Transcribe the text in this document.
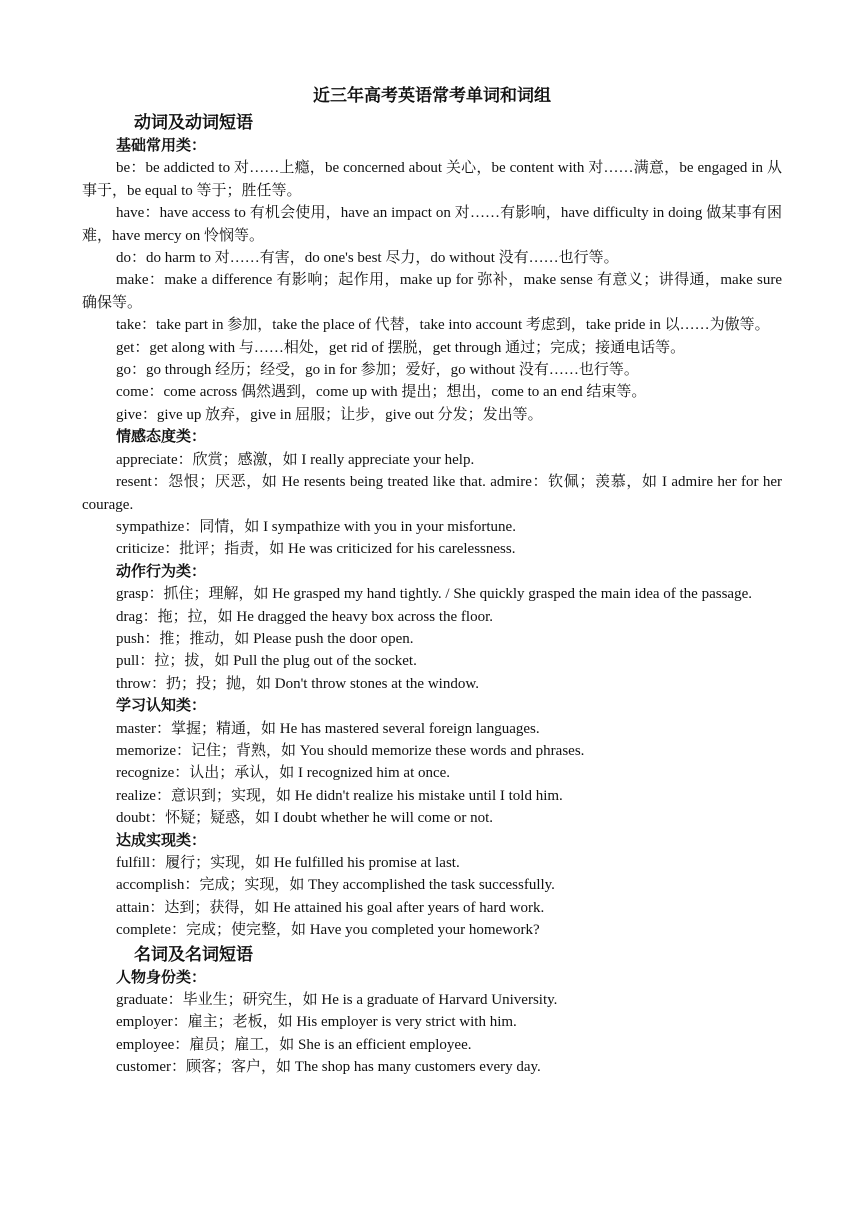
近三年高考英语常考单词和词组
动词及动词短语
基础常用类：
be：be addicted to 对……上瘾，be concerned about 关心，be content with 对……满意，be engaged in 从事于，be equal to 等于；胜任等。
have：have access to 有机会使用，have an impact on 对……有影响，have difficulty in doing 做某事有困难，have mercy on 怜悯等。
do：do harm to 对……有害，do one's best 尽力，do without 没有……也行等。
make：make a difference 有影响；起作用，make up for 弥补，make sense 有意义；讲得通，make sure 确保等。
take：take part in 参加，take the place of 代替，take into account 考虑到，take pride in 以……为傲等。
get：get along with 与……相处，get rid of 摆脱，get through 通过；完成；接通电话等。
go：go through 经历；经受，go in for 参加；爱好，go without 没有……也行等。
come：come across 偶然遇到，come up with 提出；想出，come to an end 结束等。
give：give up 放弃，give in 屈服；让步，give out 分发；发出等。
情感态度类：
appreciate：欣赏；感激，如 I really appreciate your help.
resent：怨恨；厌恶，如 He resents being treated like that. admire：钦佩；羡慕，如 I admire her for her courage.
sympathize：同情，如 I sympathize with you in your misfortune.
criticize：批评；指责，如 He was criticized for his carelessness.
动作行为类：
grasp：抓住；理解，如 He grasped my hand tightly. / She quickly grasped the main idea of the passage.
drag：拖；拉，如 He dragged the heavy box across the floor.
push：推；推动，如 Please push the door open.
pull：拉；拔，如 Pull the plug out of the socket.
throw：扔；投；抛，如 Don't throw stones at the window.
学习认知类：
master：掌握；精通，如 He has mastered several foreign languages.
memorize：记住；背熟，如 You should memorize these words and phrases.
recognize：认出；承认，如 I recognized him at once.
realize：意识到；实现，如 He didn't realize his mistake until I told him.
doubt：怀疑；疑惑，如 I doubt whether he will come or not.
达成实现类：
fulfill：履行；实现，如 He fulfilled his promise at last.
accomplish：完成；实现，如 They accomplished the task successfully.
attain：达到；获得，如 He attained his goal after years of hard work.
complete：完成；使完整，如 Have you completed your homework?
名词及名词短语
人物身份类：
graduate：毕业生；研究生，如 He is a graduate of Harvard University.
employer：雇主；老板，如 His employer is very strict with him.
employee：雇员；雇工，如 She is an efficient employee.
customer：顾客；客户，如 The shop has many customers every day.
